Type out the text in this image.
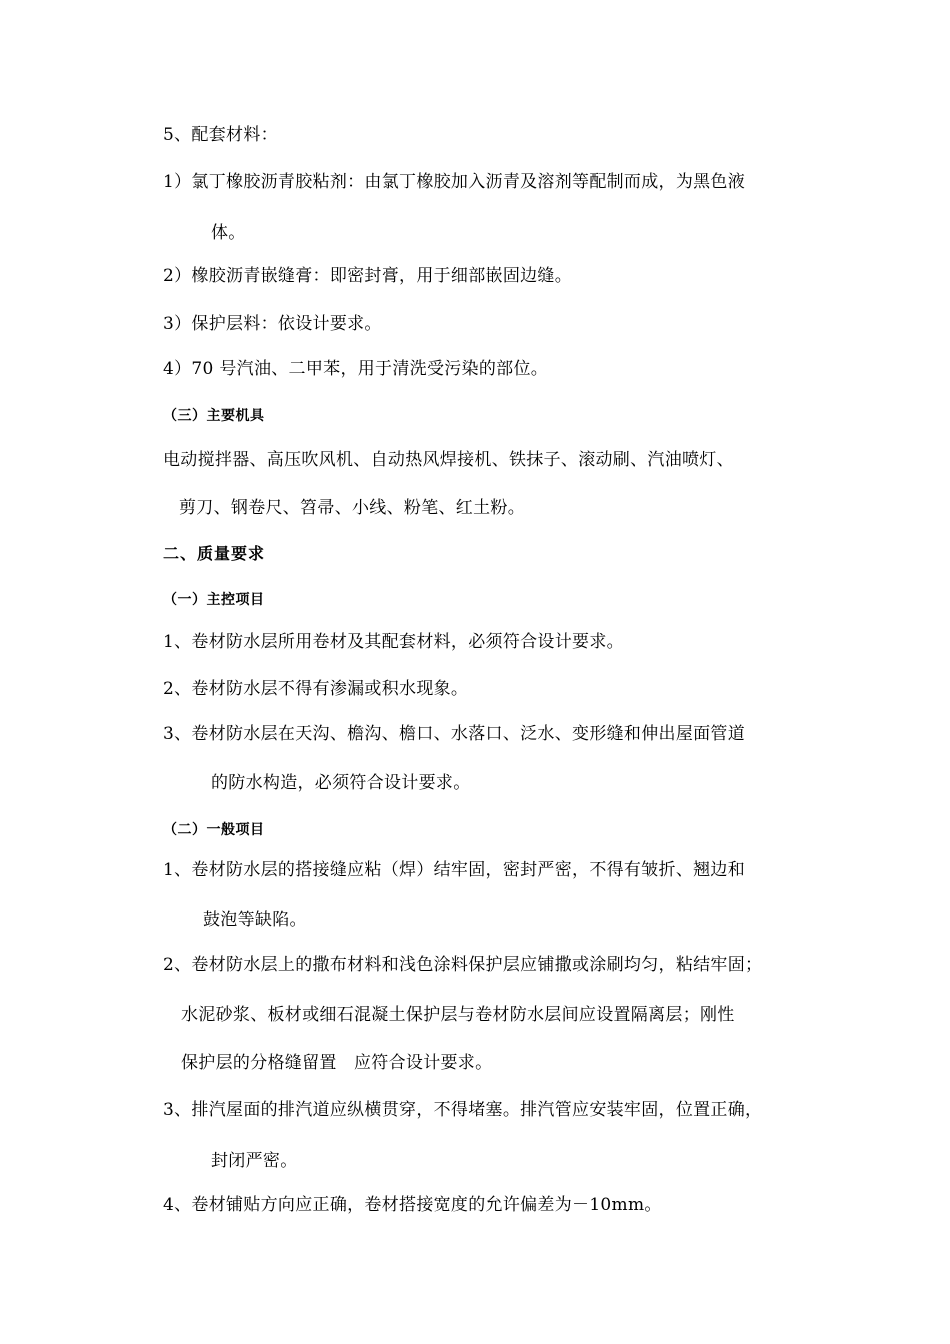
5、配套材料：
1）氯丁橡胶沥青胶粘剂：由氯丁橡胶加入沥青及溶剂等配制而成，为黑色液
体。
2）橡胶沥青嵌缝膏：即密封膏，用于细部嵌固边缝。
3）保护层料：依设计要求。
4）70 号汽油、二甲苯，用于清洗受污染的部位。
（三）主要机具
电动搅拌器、高压吹风机、自动热风焊接机、铁抹子、滚动刷、汽油喷灯、
剪刀、钢卷尺、笤帚、小线、粉笔、红土粉。
二、质量要求
（一）主控项目
1、卷材防水层所用卷材及其配套材料，必须符合设计要求。
2、卷材防水层不得有渗漏或积水现象。
3、卷材防水层在天沟、檐沟、檐口、水落口、泛水、变形缝和伸出屋面管道
的防水构造，必须符合设计要求。
（二）一般项目
1、卷材防水层的搭接缝应粘（焊）结牢固，密封严密，不得有皱折、翘边和
鼓泡等缺陷。
2、卷材防水层上的撒布材料和浅色涂料保护层应铺撒或涂刷均匀，粘结牢固；
水泥砂浆、板材或细石混凝土保护层与卷材防水层间应设置隔离层；刚性
保护层的分格缝留置　应符合设计要求。
3、排汽屋面的排汽道应纵横贯穿，不得堵塞。排汽管应安装牢固，位置正确，
封闭严密。
4、卷材铺贴方向应正确，卷材搭接宽度的允许偏差为－10mm。
